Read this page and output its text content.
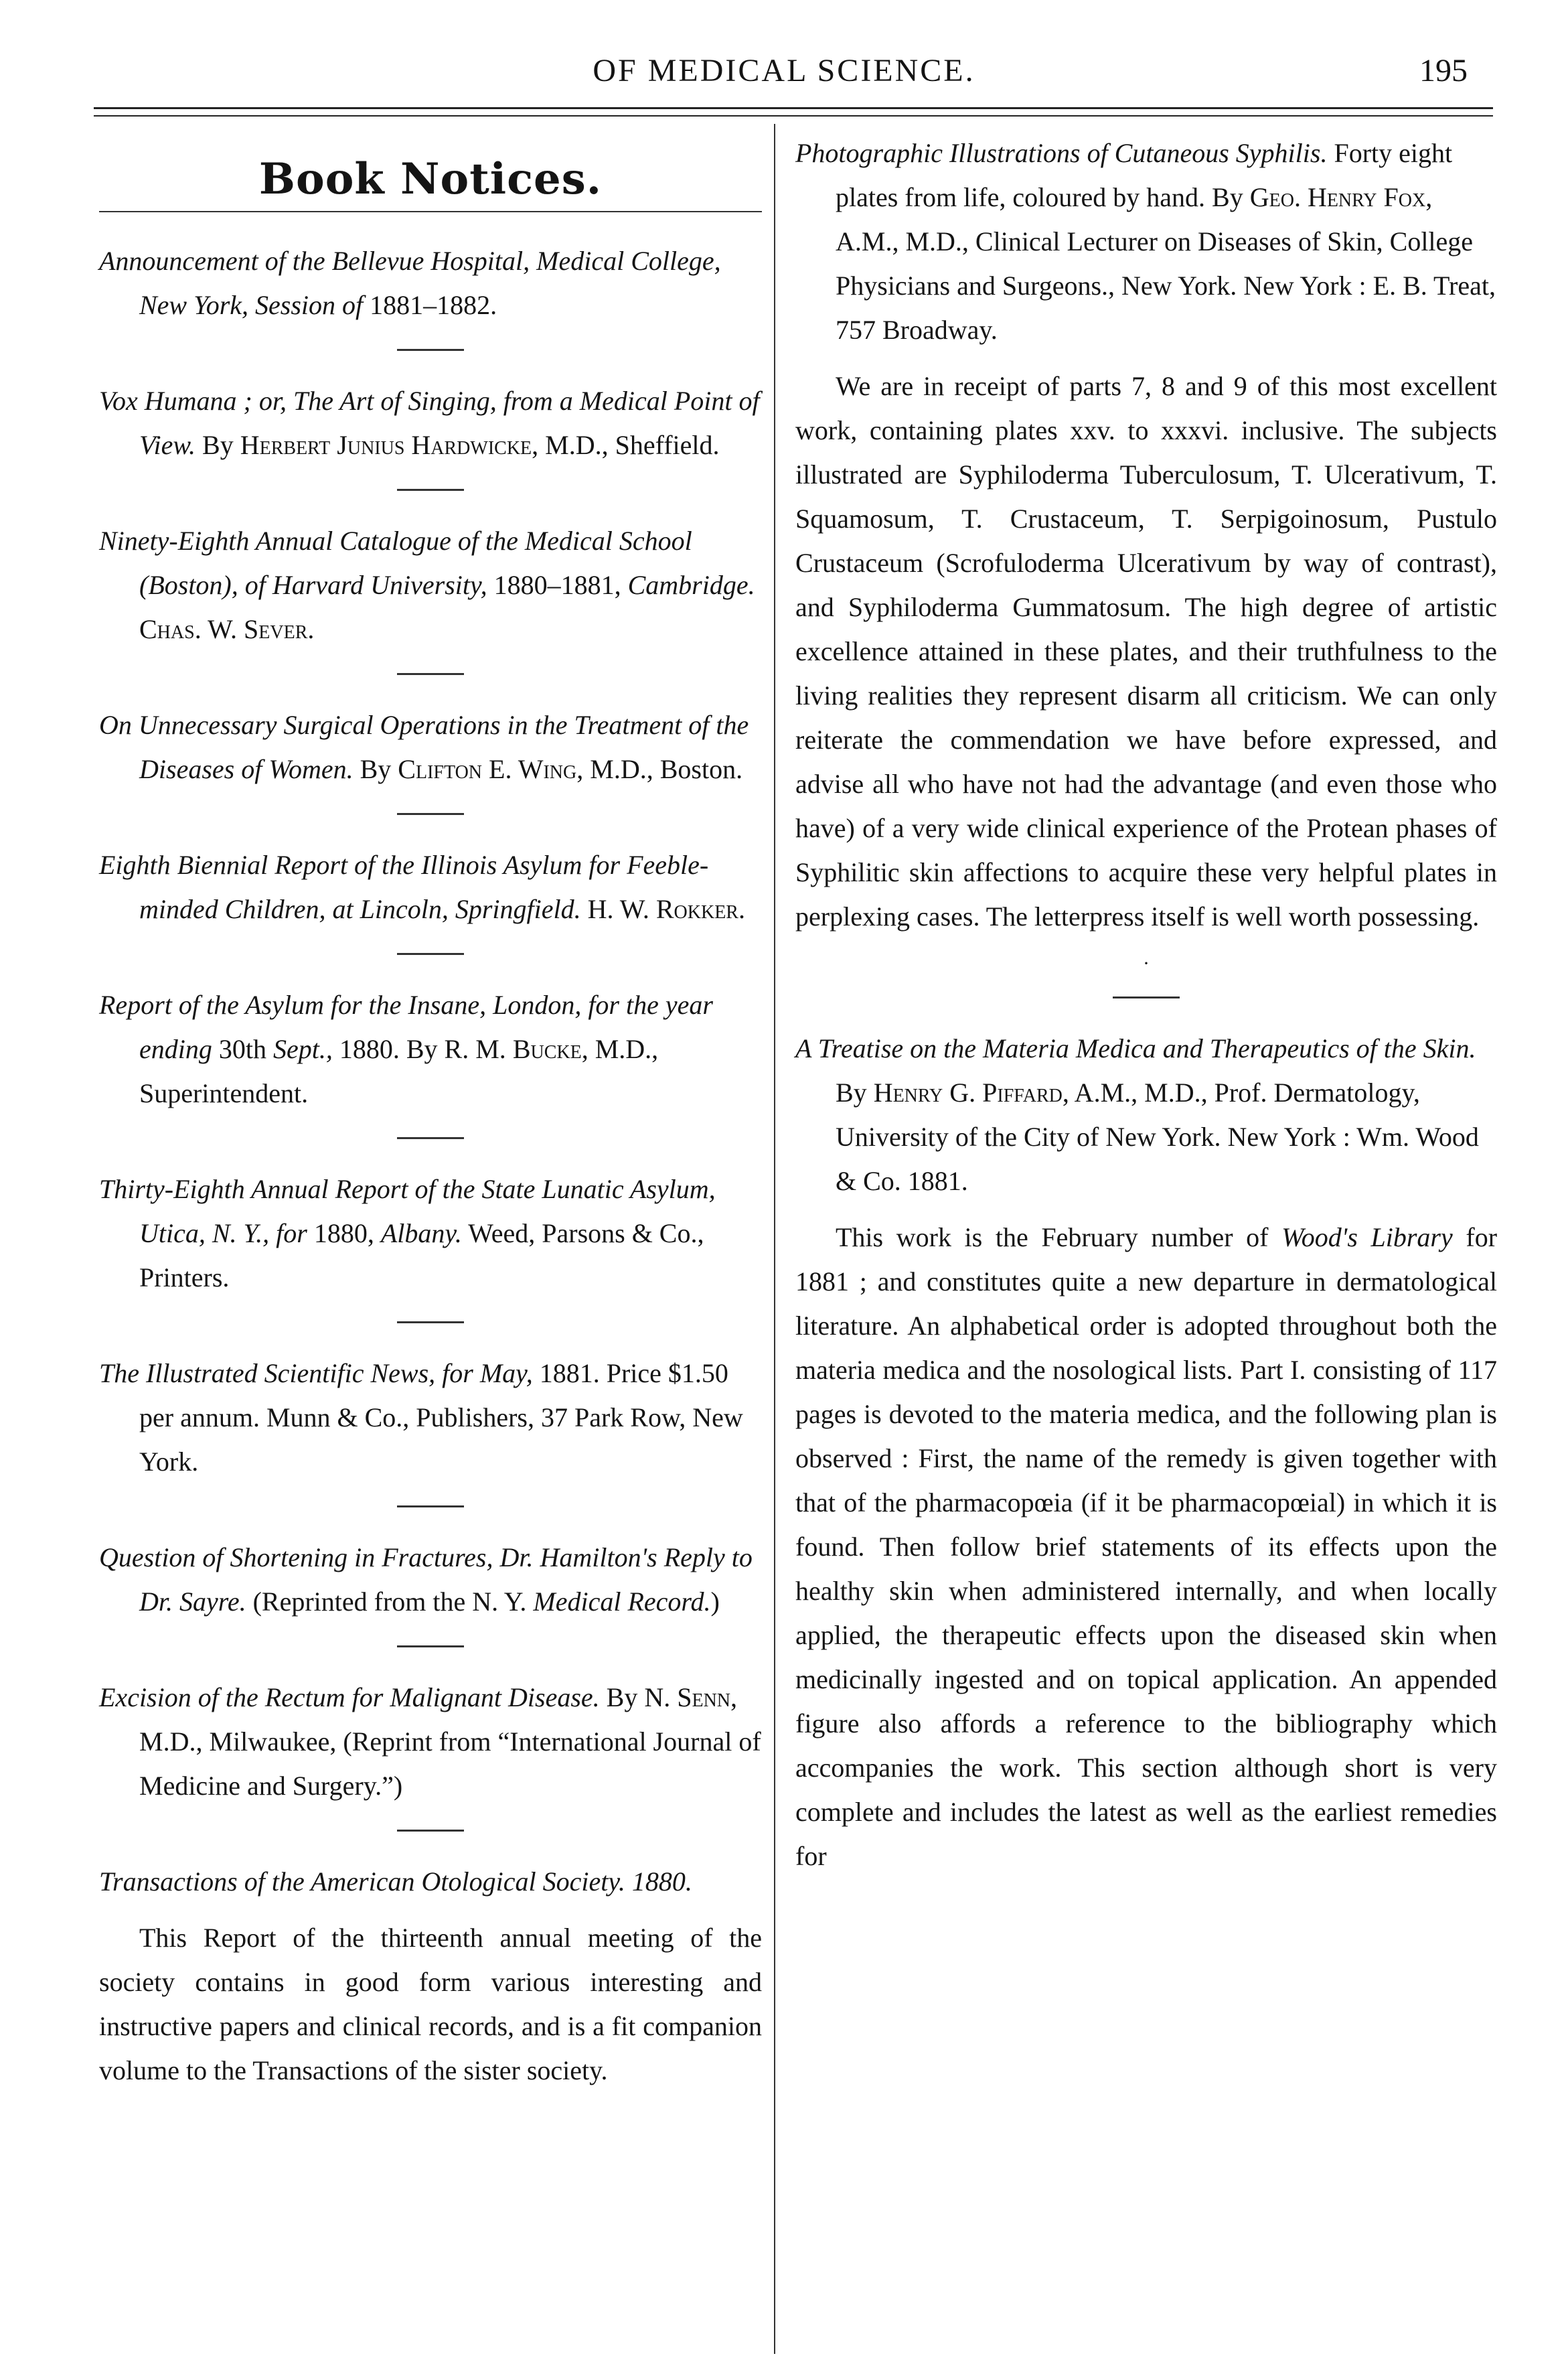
OF MEDICAL SCIENCE.	195
Book Notices.
Announcement of the Bellevue Hospital, Medical College, New York, Session of 1881–1882.
Vox Humana ; or, The Art of Singing, from a Medical Point of View. By Herbert Junius Hardwicke, M.D., Sheffield.
Ninety-Eighth Annual Catalogue of the Medical School (Boston), of Harvard University, 1880–1881, Cambridge. Chas. W. Sever.
On Unnecessary Surgical Operations in the Treatment of the Diseases of Women. By Clifton E. Wing, M.D., Boston.
Eighth Biennial Report of the Illinois Asylum for Feeble-minded Children, at Lincoln, Springfield. H. W. Rokker.
Report of the Asylum for the Insane, London, for the year ending 30th Sept., 1880. By R. M. Bucke, M.D., Superintendent.
Thirty-Eighth Annual Report of the State Lunatic Asylum, Utica, N. Y., for 1880, Albany. Weed, Parsons & Co., Printers.
The Illustrated Scientific News, for May, 1881. Price $1.50 per annum. Munn & Co., Publishers, 37 Park Row, New York.
Question of Shortening in Fractures, Dr. Hamilton's Reply to Dr. Sayre. (Reprinted from the N. Y. Medical Record.)
Excision of the Rectum for Malignant Disease. By N. Senn, M.D., Milwaukee, (Reprint from “International Journal of Medicine and Surgery.”)
Transactions of the American Otological Society. 1880.

This Report of the thirteenth annual meeting of the society contains in good form various interesting and instructive papers and clinical records, and is a fit companion volume to the Transactions of the sister society.

Photographic Illustrations of Cutaneous Syphilis. Forty eight plates from life, coloured by hand. By Geo. Henry Fox, A.M., M.D., Clinical Lecturer on Diseases of Skin, College Physicians and Surgeons., New York. New York : E. B. Treat, 757 Broadway.

We are in receipt of parts 7, 8 and 9 of this most excellent work, containing plates xxv. to xxxvi. inclusive. The subjects illustrated are Syphiloderma Tuberculosum, T. Ulcerativum, T. Squamosum, T. Crustaceum, T. Serpigoinosum, Pustulo Crustaceum (Scrofuloderma Ulcerativum by way of contrast), and Syphiloderma Gummatosum. The high degree of artistic excellence attained in these plates, and their truthfulness to the living realities they represent disarm all criticism. We can only reiterate the commendation we have before expressed, and advise all who have not had the advantage (and even those who have) of a very wide clinical experience of the Protean phases of Syphilitic skin affections to acquire these very helpful plates in perplexing cases. The letterpress itself is well worth possessing.

·
A Treatise on the Materia Medica and Therapeutics of the Skin. By Henry G. Piffard, A.M., M.D., Prof. Dermatology, University of the City of New York. New York : Wm. Wood & Co. 1881.

This work is the February number of Wood's Library for 1881 ; and constitutes quite a new departure in dermatological literature. An alphabetical order is adopted throughout both the materia medica and the nosological lists. Part I. consisting of 117 pages is devoted to the materia medica, and the following plan is observed : First, the name of the remedy is given together with that of the pharmacopœia (if it be pharmacopœial) in which it is found. Then follow brief statements of its effects upon the healthy skin when administered internally, and when locally applied, the therapeutic effects upon the diseased skin when medicinally ingested and on topical application. An appended figure also affords a reference to the bibliography which accompanies the work. This section although short is very complete and includes the latest as well as the earliest remedies for
